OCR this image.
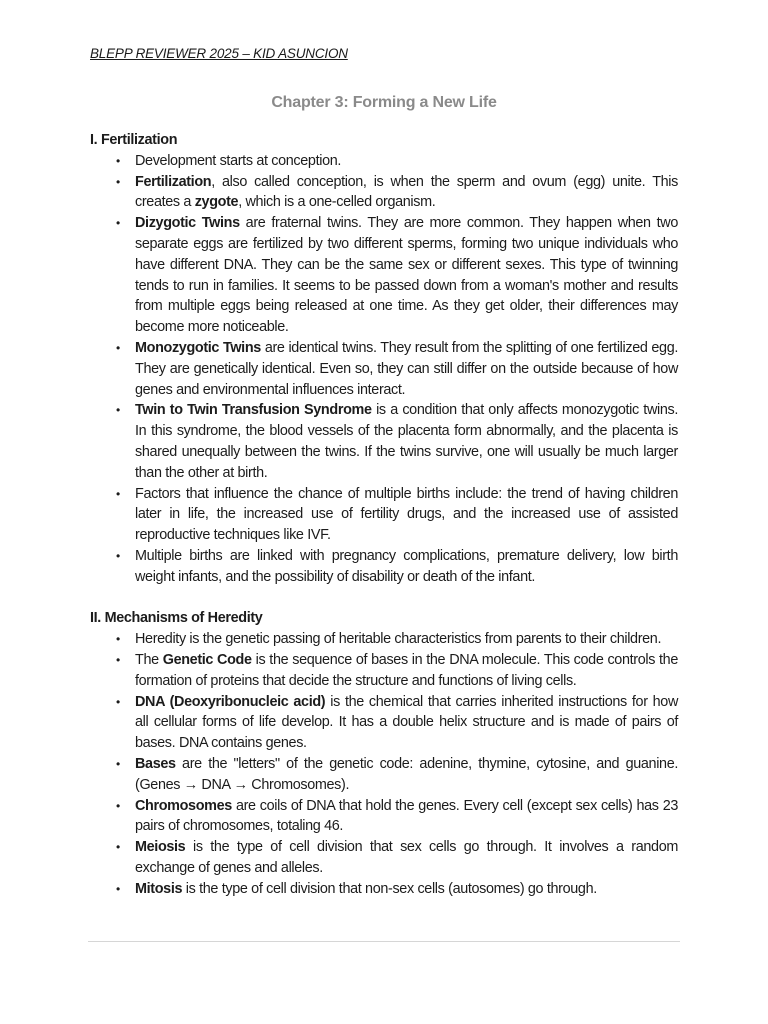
BLEPP REVIEWER 2025 – KID ASUNCION
Chapter 3: Forming a New Life
I. Fertilization
• Development starts at conception.
• Fertilization, also called conception, is when the sperm and ovum (egg) unite. This creates a zygote, which is a one-celled organism.
• Dizygotic Twins are fraternal twins. They are more common. They happen when two separate eggs are fertilized by two different sperms, forming two unique individuals who have different DNA. They can be the same sex or different sexes. This type of twinning tends to run in families. It seems to be passed down from a woman's mother and results from multiple eggs being released at one time. As they get older, their differences may become more noticeable.
• Monozygotic Twins are identical twins. They result from the splitting of one fertilized egg. They are genetically identical. Even so, they can still differ on the outside because of how genes and environmental influences interact.
• Twin to Twin Transfusion Syndrome is a condition that only affects monozygotic twins. In this syndrome, the blood vessels of the placenta form abnormally, and the placenta is shared unequally between the twins. If the twins survive, one will usually be much larger than the other at birth.
• Factors that influence the chance of multiple births include: the trend of having children later in life, the increased use of fertility drugs, and the increased use of assisted reproductive techniques like IVF.
• Multiple births are linked with pregnancy complications, premature delivery, low birth weight infants, and the possibility of disability or death of the infant.
II. Mechanisms of Heredity
• Heredity is the genetic passing of heritable characteristics from parents to their children.
• The Genetic Code is the sequence of bases in the DNA molecule. This code controls the formation of proteins that decide the structure and functions of living cells.
• DNA (Deoxyribonucleic acid) is the chemical that carries inherited instructions for how all cellular forms of life develop. It has a double helix structure and is made of pairs of bases. DNA contains genes.
• Bases are the "letters" of the genetic code: adenine, thymine, cytosine, and guanine. (Genes → DNA → Chromosomes).
• Chromosomes are coils of DNA that hold the genes. Every cell (except sex cells) has 23 pairs of chromosomes, totaling 46.
• Meiosis is the type of cell division that sex cells go through. It involves a random exchange of genes and alleles.
• Mitosis is the type of cell division that non-sex cells (autosomes) go through.
